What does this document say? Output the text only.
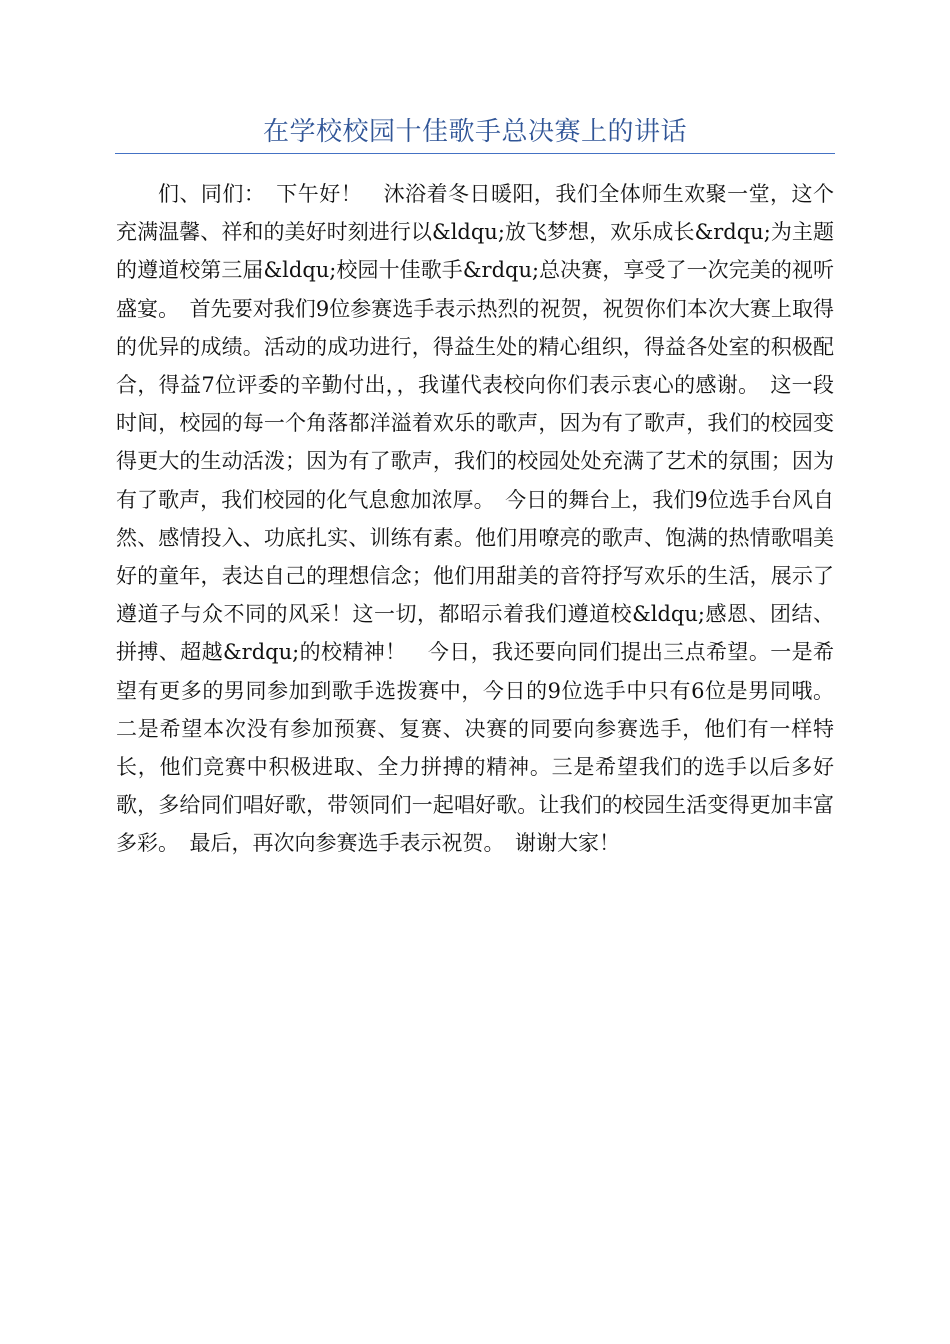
在学校校园十佳歌手总决赛上的讲话

们、同们：　下午好！　沐浴着冬日暖阳，我们全体师生欢聚一堂，这个充满温馨、祥和的美好时刻进行以&ldqu;放飞梦想，欢乐成长&rdqu;为主题的遵道校第三届&ldqu;校园十佳歌手&rdqu;总决赛，享受了一次完美的视听盛宴。　首先要对我们9位参赛选手表示热烈的祝贺，祝贺你们本次大赛上取得的优异的成绩。活动的成功进行，得益生处的精心组织，得益各处室的积极配合，得益7位评委的辛勤付出，，我谨代表校向你们表示衷心的感谢。　这一段时间，校园的每一个角落都洋溢着欢乐的歌声，因为有了歌声，我们的校园变得更大的生动活泼；因为有了歌声，我们的校园处处充满了艺术的氛围；因为有了歌声，我们校园的化气息愈加浓厚。　今日的舞台上，我们9位选手台风自然、感情投入、功底扎实、训练有素。他们用嘹亮的歌声、饱满的热情歌唱美好的童年，表达自己的理想信念；他们用甜美的音符抒写欢乐的生活，展示了遵道子与众不同的风采！这一切，都昭示着我们遵道校&ldqu;感恩、团结、拼搏、超越&rdqu;的校精神！　今日，我还要向同们提出三点希望。一是希望有更多的男同参加到歌手选拨赛中，今日的9位选手中只有6位是男同哦。二是希望本次没有参加预赛、复赛、决赛的同要向参赛选手，他们有一样特长，他们竞赛中积极进取、全力拼搏的精神。三是希望我们的选手以后多好歌，多给同们唱好歌，带领同们一起唱好歌。让我们的校园生活变得更加丰富多彩。　最后，再次向参赛选手表示祝贺。　谢谢大家！
